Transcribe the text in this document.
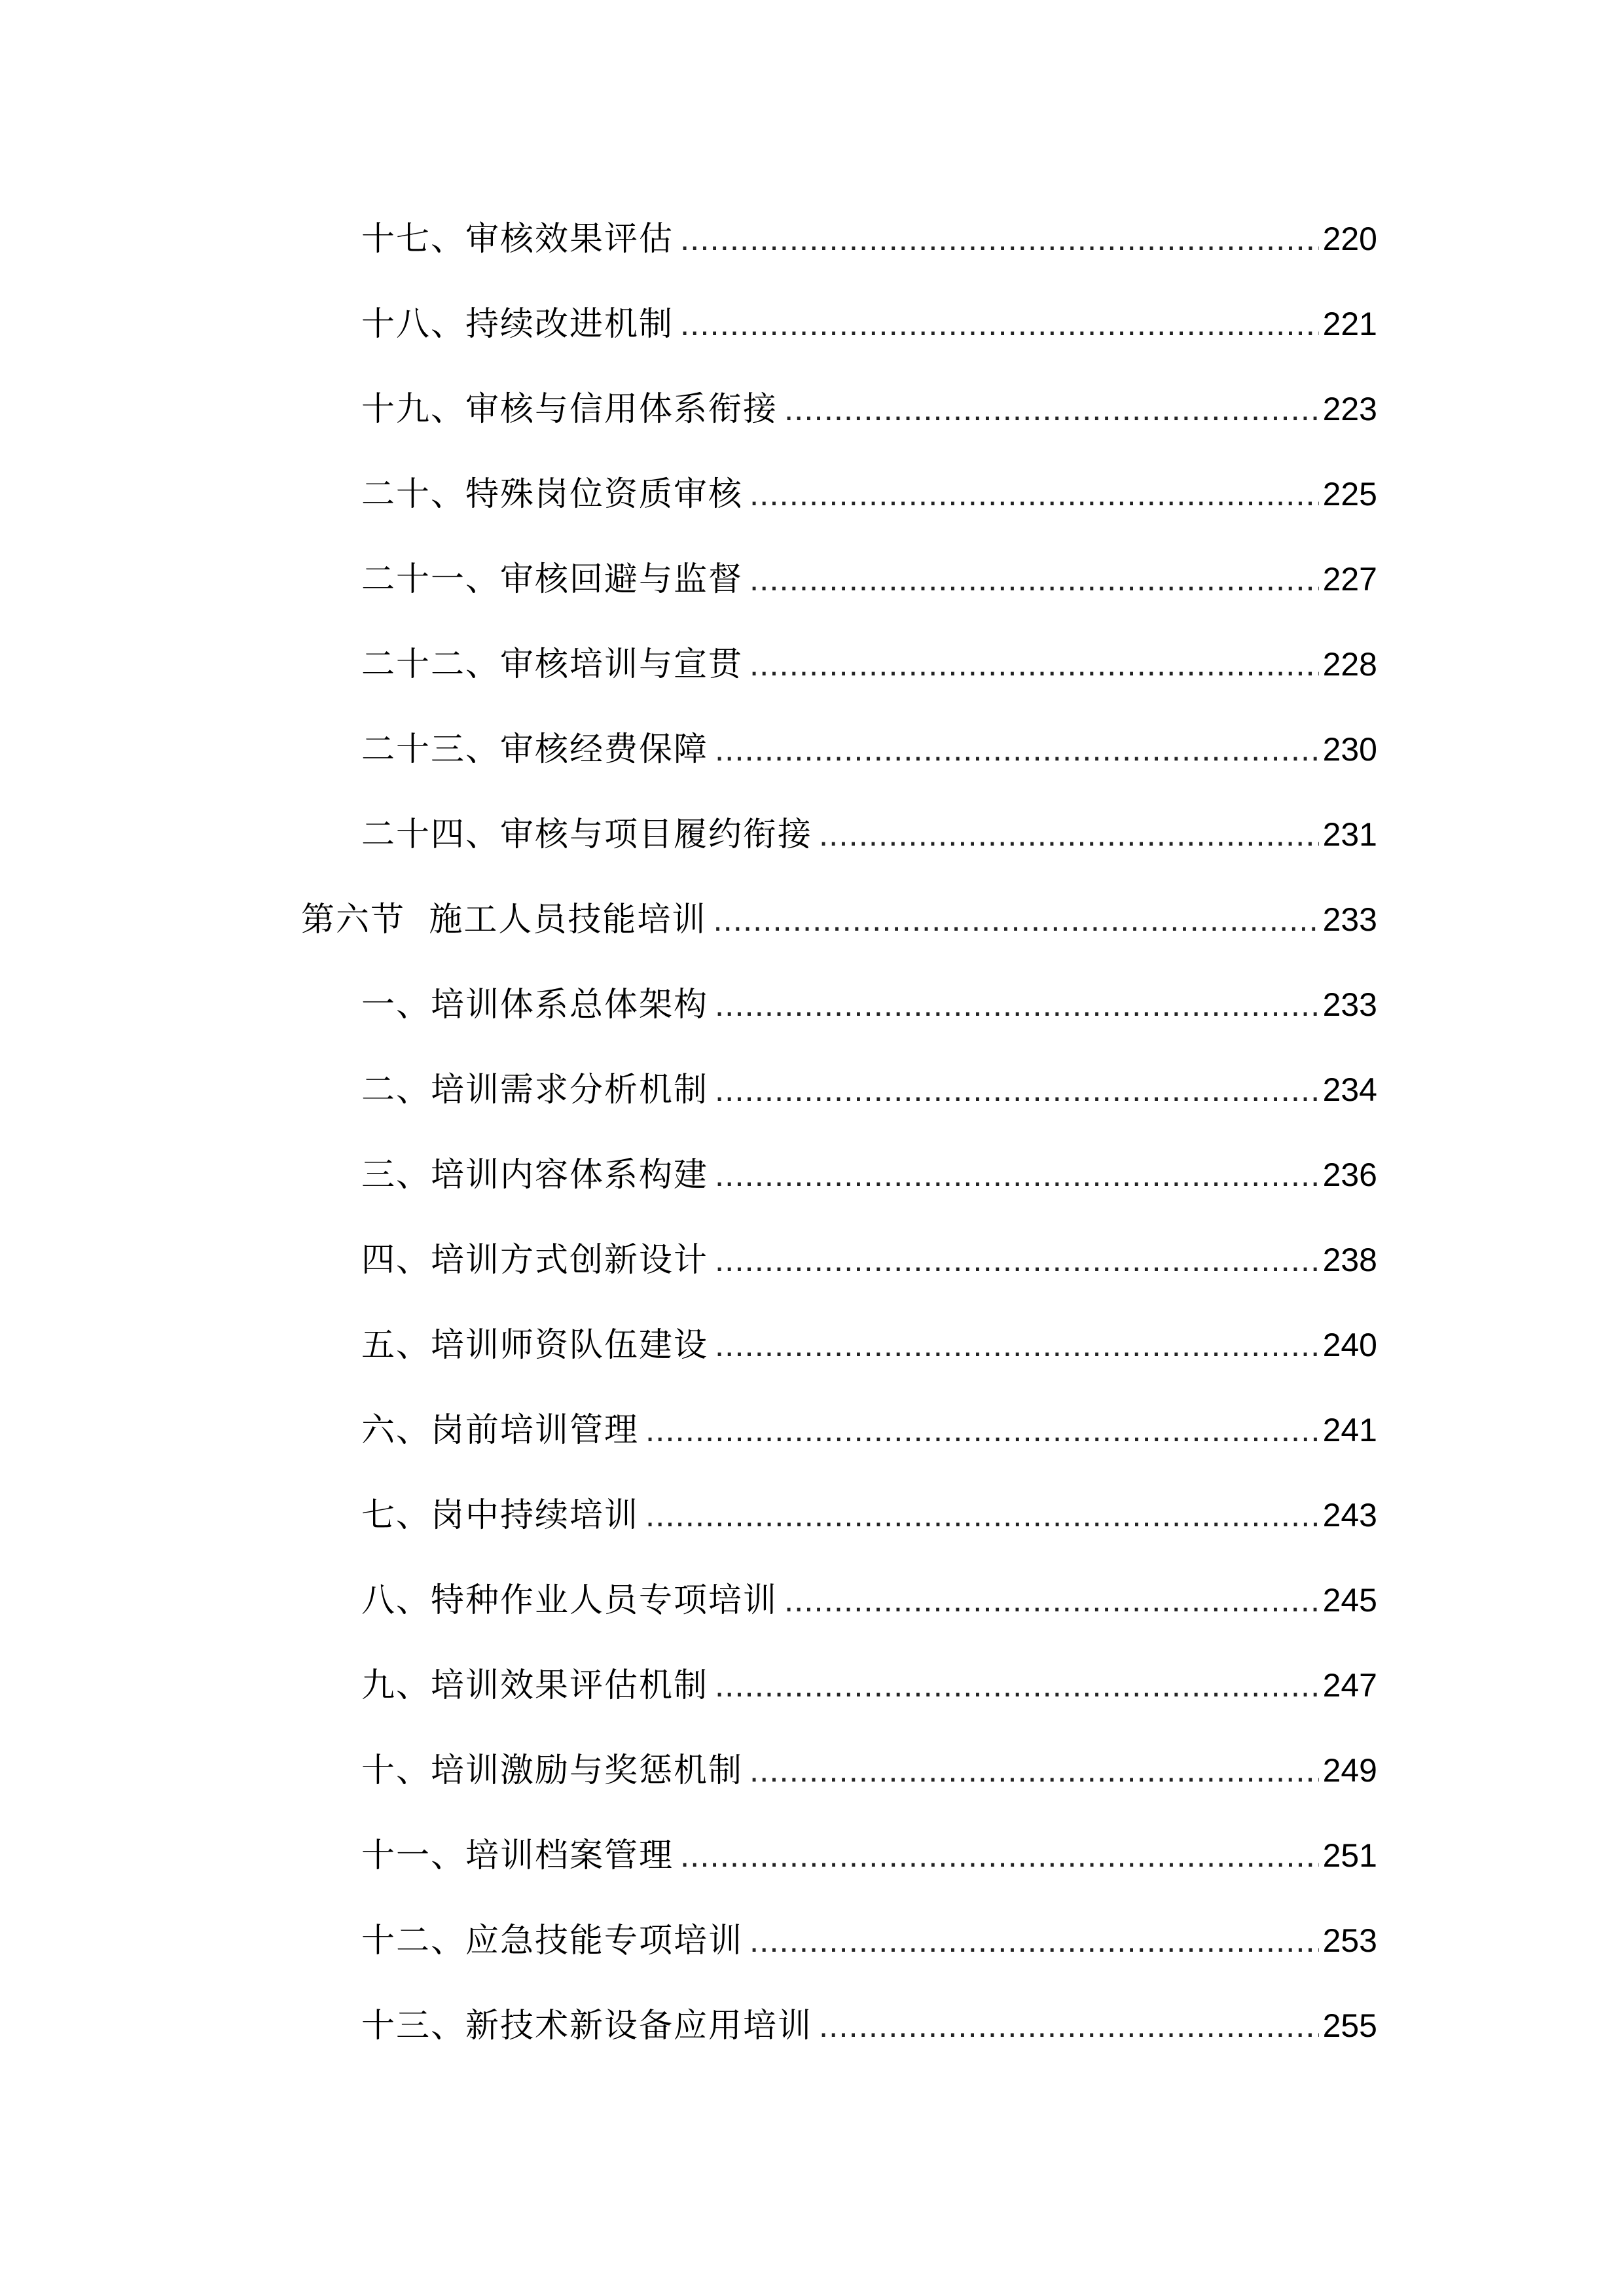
十七、审核效果评估 .....	220
十八、持续改进机制 .....	221
十九、审核与信用体系衔接 .....	223
二十、特殊岗位资质审核 .....	225
二十一、审核回避与监督 .....	227
二十二、审核培训与宣贯 .....	228
二十三、审核经费保障 .....	230
二十四、审核与项目履约衔接 .....	231
第六节  施工人员技能培训 .....	233
一、培训体系总体架构 .....	233
二、培训需求分析机制 .....	234
三、培训内容体系构建 .....	236
四、培训方式创新设计 .....	238
五、培训师资队伍建设 .....	240
六、岗前培训管理 .....	241
七、岗中持续培训 .....	243
八、特种作业人员专项培训 .....	245
九、培训效果评估机制 .....	247
十、培训激励与奖惩机制 .....	249
十一、培训档案管理 .....	251
十二、应急技能专项培训 .....	253
十三、新技术新设备应用培训 .....	255
